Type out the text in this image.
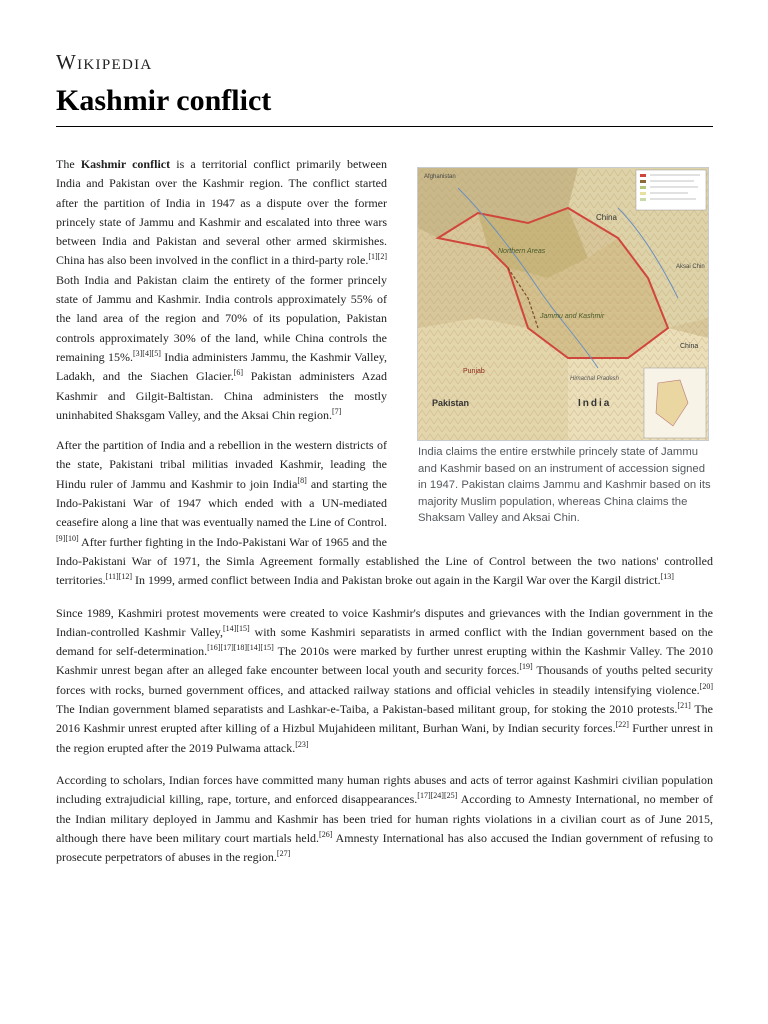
Wikipedia
Kashmir conflict
Afghanistan
China
Northern Areas
Jammu and Kashmir
Aksai Chin
Punjab
Pakistan	India
Himachal Pradesh
China
India claims the entire erstwhile princely state of Jammu and Kashmir based on an instrument of accession signed in 1947. Pakistan claims Jammu and Kashmir based on its majority Muslim population, whereas China claims the Shaksam Valley and Aksai Chin.

The Kashmir conflict is a territorial conflict primarily between India and Pakistan over the Kashmir region. The conflict started after the partition of India in 1947 as a dispute over the former princely state of Jammu and Kashmir and escalated into three wars between India and Pakistan and several other armed skirmishes. China has also been involved in the conflict in a third-party role.[1][2] Both India and Pakistan claim the entirety of the former princely state of Jammu and Kashmir. India controls approximately 55% of the land area of the region and 70% of its population, Pakistan controls approximately 30% of the land, while China controls the remaining 15%.[3][4][5] India administers Jammu, the Kashmir Valley, Ladakh, and the Siachen Glacier.[6] Pakistan administers Azad Kashmir and Gilgit-Baltistan. China administers the mostly uninhabited Shaksgam Valley, and the Aksai Chin region.[7]

After the partition of India and a rebellion in the western districts of the state, Pakistani tribal militias invaded Kashmir, leading the Hindu ruler of Jammu and Kashmir to join India[8] and starting the Indo-Pakistani War of 1947 which ended with a UN-mediated ceasefire along a line that was eventually named the Line of Control.[9][10] After further fighting in the Indo-Pakistani War of 1965 and the Indo-Pakistani War of 1971, the Simla Agreement formally established the Line of Control between the two nations' controlled territories.[11][12] In 1999, armed conflict between India and Pakistan broke out again in the Kargil War over the Kargil district.[13]

Since 1989, Kashmiri protest movements were created to voice Kashmir's disputes and grievances with the Indian government in the Indian-controlled Kashmir Valley,[14][15] with some Kashmiri separatists in armed conflict with the Indian government based on the demand for self-determination.[16][17][18][14][15] The 2010s were marked by further unrest erupting within the Kashmir Valley. The 2010 Kashmir unrest began after an alleged fake encounter between local youth and security forces.[19] Thousands of youths pelted security forces with rocks, burned government offices, and attacked railway stations and official vehicles in steadily intensifying violence.[20] The Indian government blamed separatists and Lashkar-e-Taiba, a Pakistan-based militant group, for stoking the 2010 protests.[21] The 2016 Kashmir unrest erupted after killing of a Hizbul Mujahideen militant, Burhan Wani, by Indian security forces.[22] Further unrest in the region erupted after the 2019 Pulwama attack.[23]

According to scholars, Indian forces have committed many human rights abuses and acts of terror against Kashmiri civilian population including extrajudicial killing, rape, torture, and enforced disappearances.[17][24][25] According to Amnesty International, no member of the Indian military deployed in Jammu and Kashmir has been tried for human rights violations in a civilian court as of June 2015, although there have been military court martials held.[26] Amnesty International has also accused the Indian government of refusing to prosecute perpetrators of abuses in the region.[27]
